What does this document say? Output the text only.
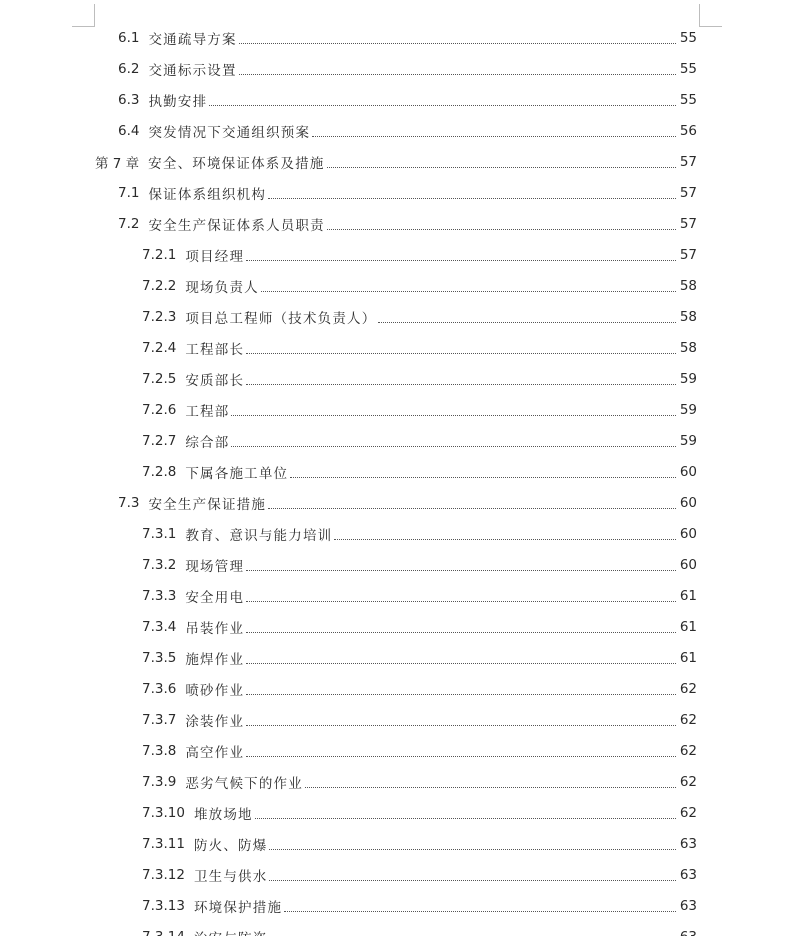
6.1 交通疏导方案	55
6.2 交通标示设置	55
6.3 执勤安排	55
6.4 突发情况下交通组织预案	56
第 7 章 安全、环境保证体系及措施	57
7.1 保证体系组织机构	57
7.2 安全生产保证体系人员职责	57
7.2.1 项目经理	57
7.2.2 现场负责人	58
7.2.3 项目总工程师（技术负责人）	58
7.2.4 工程部长	58
7.2.5 安质部长	59
7.2.6 工程部	59
7.2.7 综合部	59
7.2.8 下属各施工单位	60
7.3 安全生产保证措施	60
7.3.1 教育、意识与能力培训	60
7.3.2 现场管理	60
7.3.3 安全用电	61
7.3.4 吊装作业	61
7.3.5 施焊作业	61
7.3.6 喷砂作业	62
7.3.7 涂装作业	62
7.3.8 高空作业	62
7.3.9 恶劣气候下的作业	62
7.3.10 堆放场地	62
7.3.11 防火、防爆	63
7.3.12 卫生与供水	63
7.3.13 环境保护措施	63
